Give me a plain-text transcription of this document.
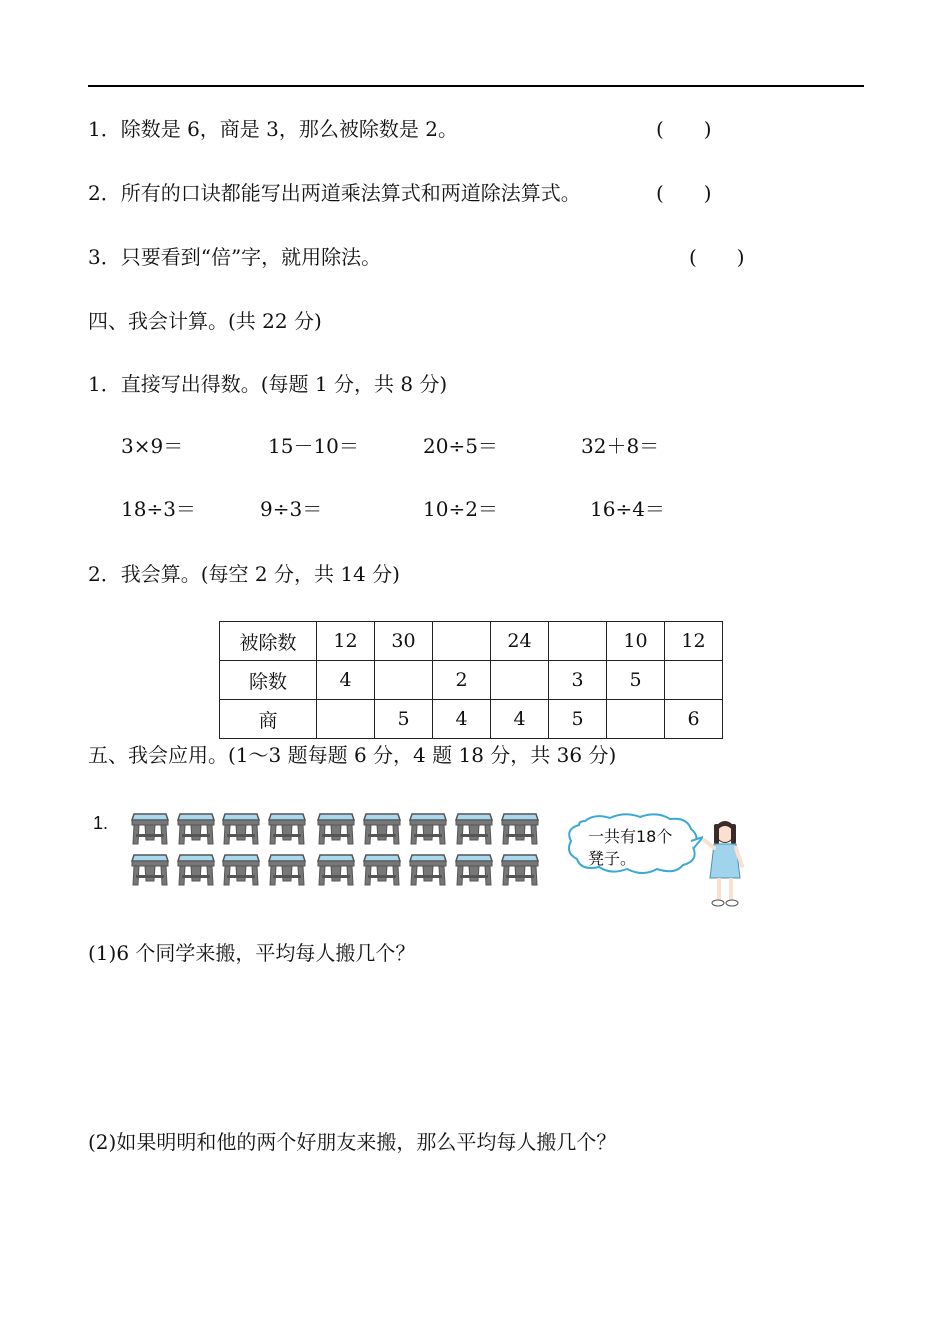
1．除数是 6，商是 3，那么被除数是 2。	(　　)
2．所有的口诀都能写出两道乘法算式和两道除法算式。	(　　)
3．只要看到“倍”字，就用除法。	(　　)
四、我会计算。(共 22 分)
1．直接写出得数。(每题 1 分，共 8 分)
3×9＝	15－10＝	20÷5＝	32＋8＝
18÷3＝	9÷3＝	10÷2＝	16÷4＝
2．我会算。(每空 2 分，共 14 分)
被除数	12	30		24		10	12
除数	4		2		3	5	
商		5	4	4	5		6
五、我会应用。(1～3 题每题 6 分，4 题 18 分，共 36 分)
1.
一共有18个凳子。
(1)6 个同学来搬，平均每人搬几个？
(2)如果明明和他的两个好朋友来搬，那么平均每人搬几个？
